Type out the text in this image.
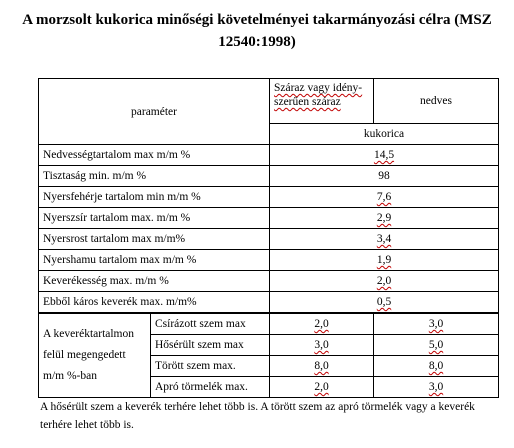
A morzsolt kukorica minőségi követelményei takarmányozási célra (MSZ 12540:1998)
paraméter		Száraz vagy idény-szerűen száraz	nedves
		kukorica	
Nedvességtartalom max m/m %		14,5	
Tisztaság min. m/m %		98	
Nyersfehérje tartalom min m/m %		7,6	
Nyerszsír tartalom max. m/m %		2,9	
Nyersrost tartalom max m/m%		3,4	
Nyershamu tartalom max m/m %		1,9	
Keverékesség max. m/m %		2,0	
Ebből káros keverék max. m/m%		0,5	
A keveréktartalmon felül megengedett m/m %-ban	Csírázott szem max	2,0	3,0
	Hősérült szem max	3,0	5,0
	Törött szem max.	8,0	8,0
	Apró törmelék max.	2,0	3,0
A hősérült szem a keverék terhére lehet több is. A törött szem az apró törmelék vagy a keverék terhére lehet több is.
